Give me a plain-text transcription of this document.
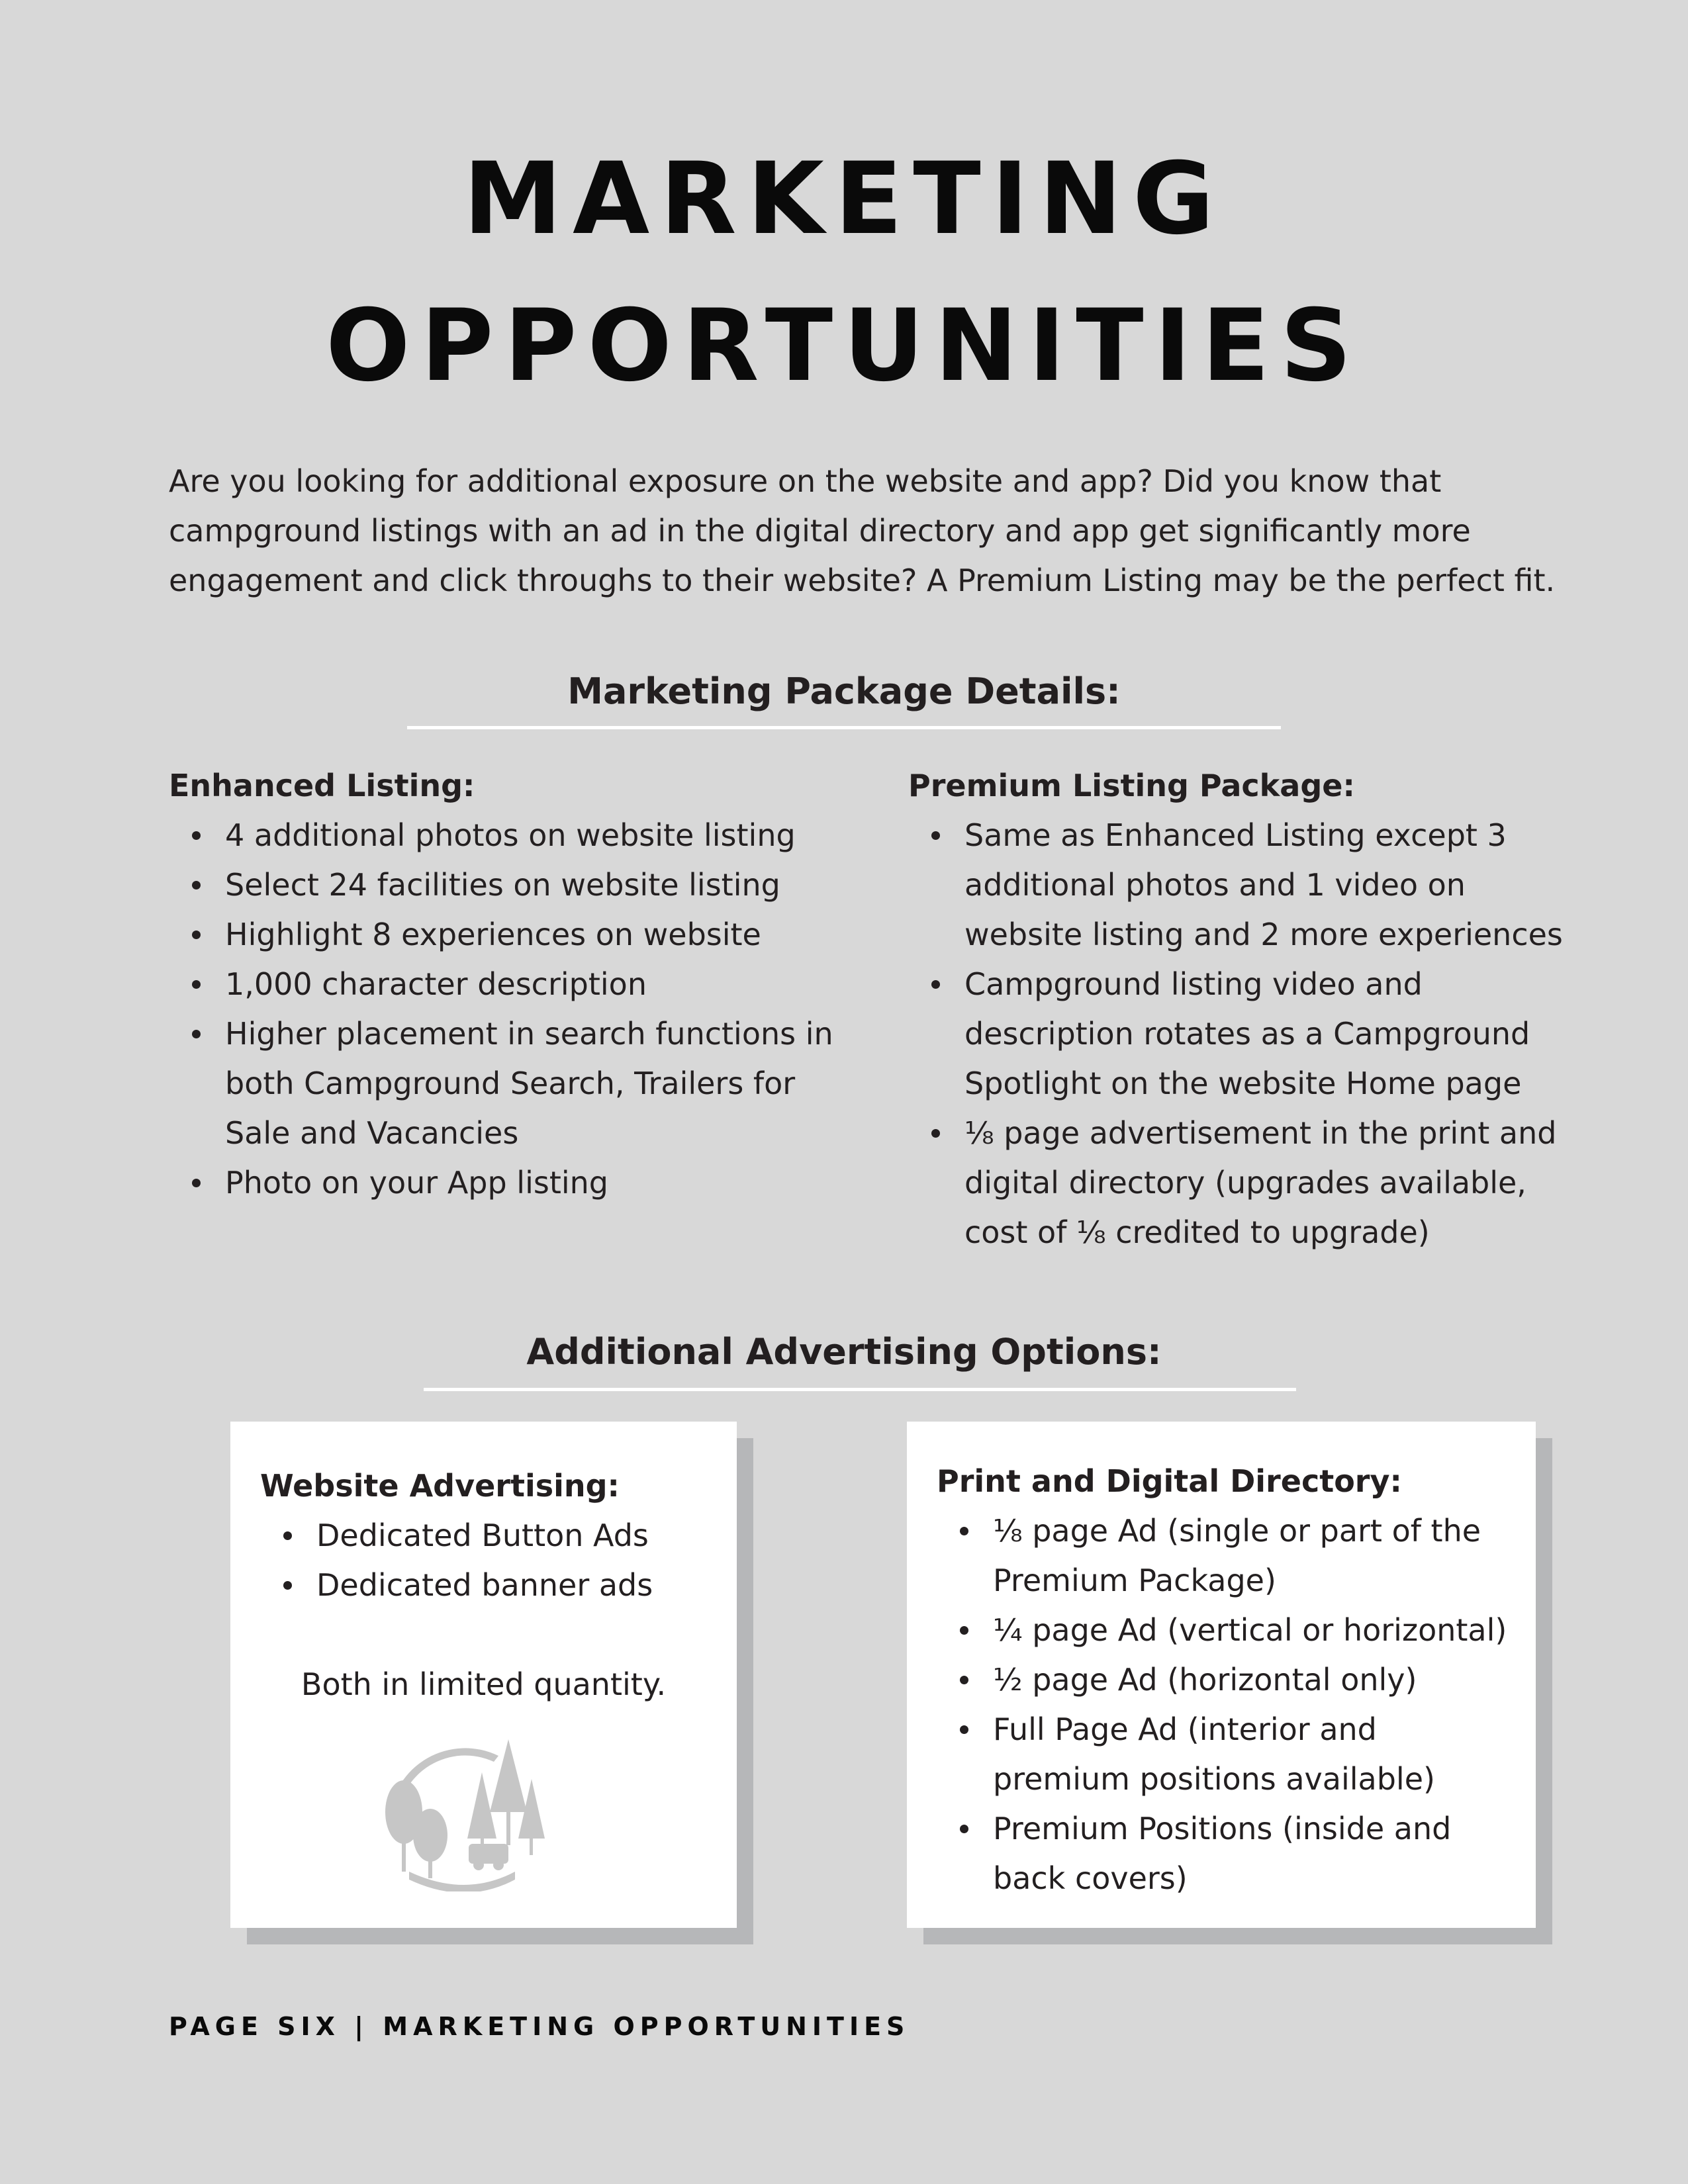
MARKETING
OPPORTUNITIES

Are you looking for additional exposure on the website and app? Did you know that campground listings with an ad in the digital directory and app get significantly more engagement and click throughs to their website? A Premium Listing may be the perfect fit.

Marketing Package Details:
Enhanced Listing:
4 additional photos on website listing
Select 24 facilities on website listing
Highlight 8 experiences on website
1,000 character description
Higher placement in search functions in both Campground Search, Trailers for Sale and Vacancies
Photo on your App listing
Premium Listing Package:
Same as Enhanced Listing except 3 additional photos and 1 video on website listing and 2 more experiences
Campground listing video and description rotates as a Campground Spotlight on the website Home page
⅛ page advertisement in the print and digital directory (upgrades available, cost of ⅛ credited to upgrade)
Additional Advertising Options:
Website Advertising:
Dedicated Button Ads
Dedicated banner ads
Both in limited quantity.
Print and Digital Directory:
⅛ page Ad (single or part of the Premium Package)
¼ page Ad (vertical or horizontal)
½ page Ad (horizontal only)
Full Page Ad (interior and premium positions available)
Premium Positions (inside and back covers)

PAGE SIX | MARKETING OPPORTUNITIES
